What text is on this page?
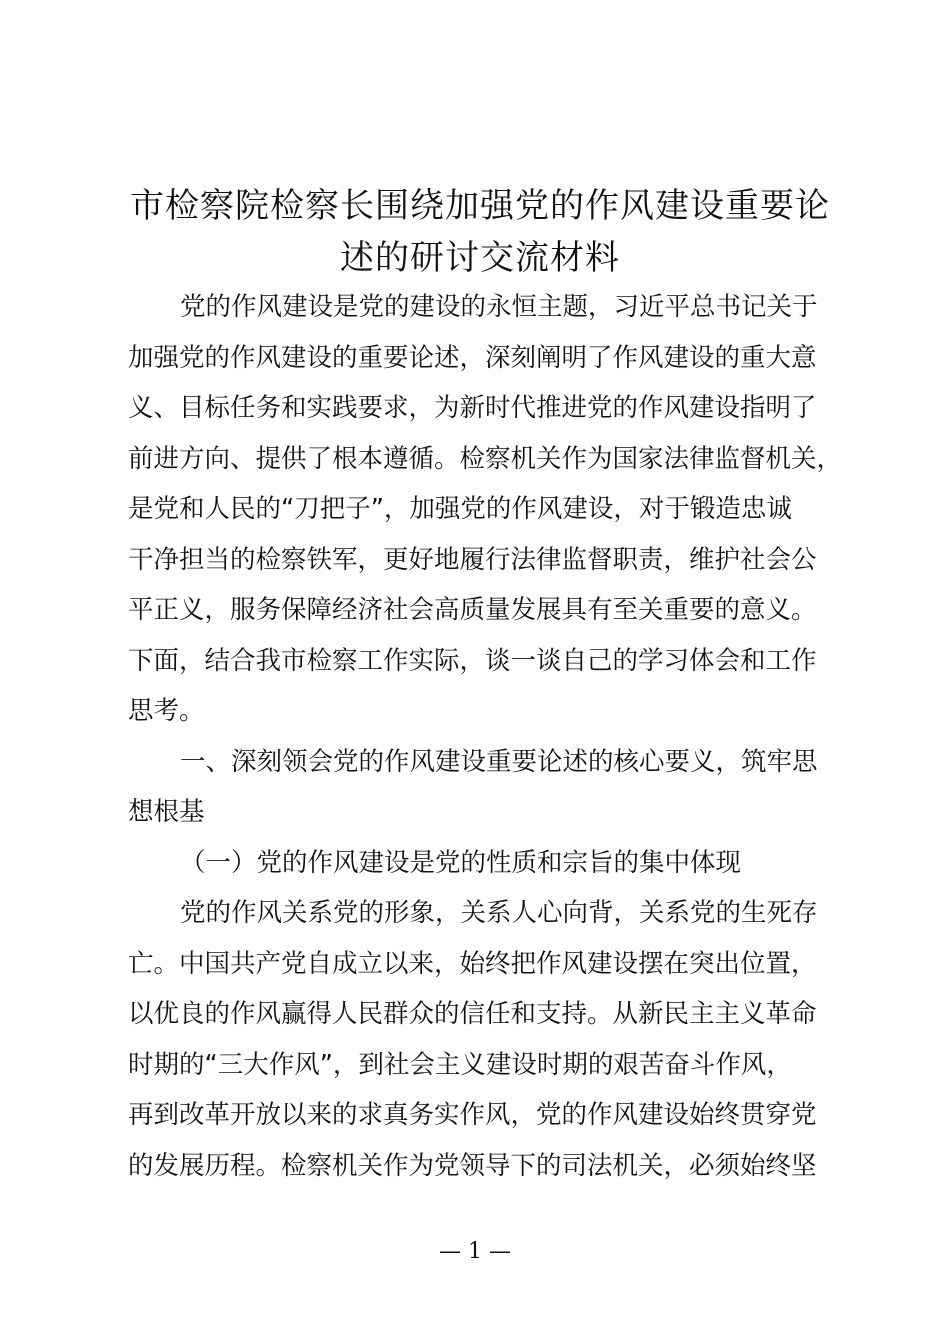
市检察院检察长围绕加强党的作风建设重要论
述的研讨交流材料
党的作风建设是党的建设的永恒主题，习近平总书记关于
加强党的作风建设的重要论述，深刻阐明了作风建设的重大意
义、目标任务和实践要求，为新时代推进党的作风建设指明了
前进方向、提供了根本遵循。检察机关作为国家法律监督机关，
是党和人民的“刀把子”，加强党的作风建设，对于锻造忠诚
干净担当的检察铁军，更好地履行法律监督职责，维护社会公
平正义，服务保障经济社会高质量发展具有至关重要的意义。
下面，结合我市检察工作实际，谈一谈自己的学习体会和工作
思考。
一、深刻领会党的作风建设重要论述的核心要义，筑牢思
想根基
（一）党的作风建设是党的性质和宗旨的集中体现
党的作风关系党的形象，关系人心向背，关系党的生死存
亡。中国共产党自成立以来，始终把作风建设摆在突出位置，
以优良的作风赢得人民群众的信任和支持。从新民主主义革命
时期的“三大作风”，到社会主义建设时期的艰苦奋斗作风，
再到改革开放以来的求真务实作风，党的作风建设始终贯穿党
的发展历程。检察机关作为党领导下的司法机关，必须始终坚
— 1 —
